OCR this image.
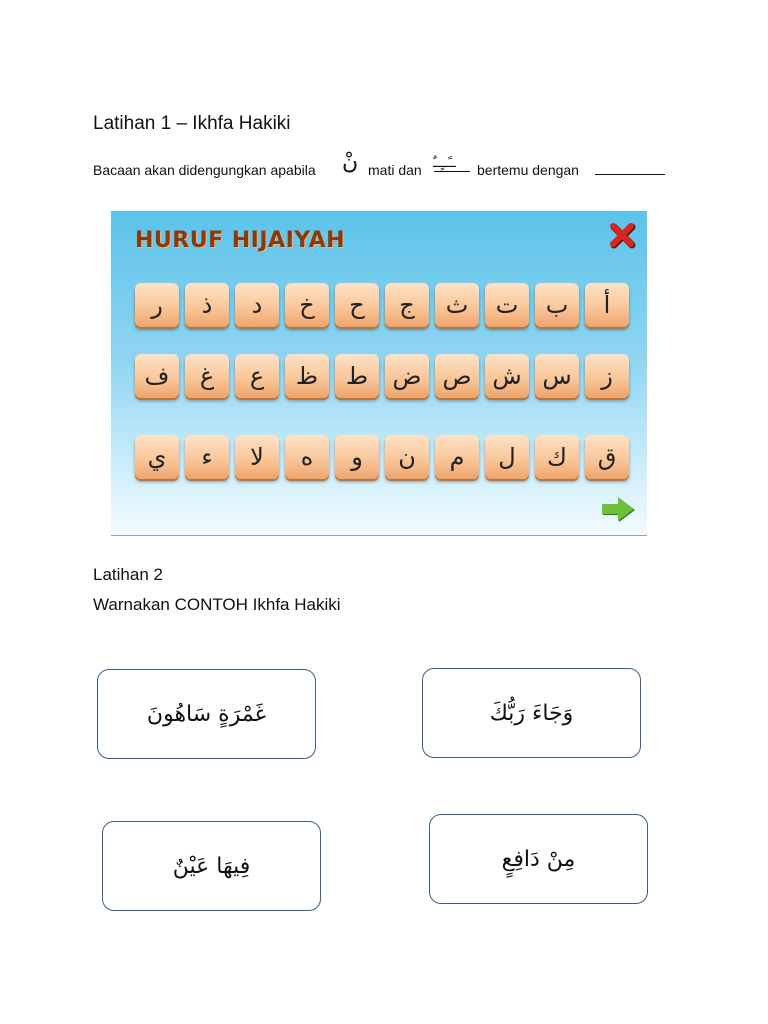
Latihan 1 – Ikhfa Hakiki
Bacaan akan didengungkan apabila نْ mati dan ــًــٍــٌ bertemu dengan
HURUF HIJAIYAH
أ
ب
ت
ث
ج
ح
خ
د
ذ
ر
ز
س
ش
ص
ض
ط
ظ
ع
غ
ف
ق
ك
ل
م
ن
و
ه
لا
ء
ي
Latihan 2
Warnakan CONTOH Ikhfa Hakiki
غَمْرَةٍ سَاهُونَ	وَجَاءَ رَبُّكَ
فِيهَا عَيْنٌ	مِنْ دَافِعٍ
